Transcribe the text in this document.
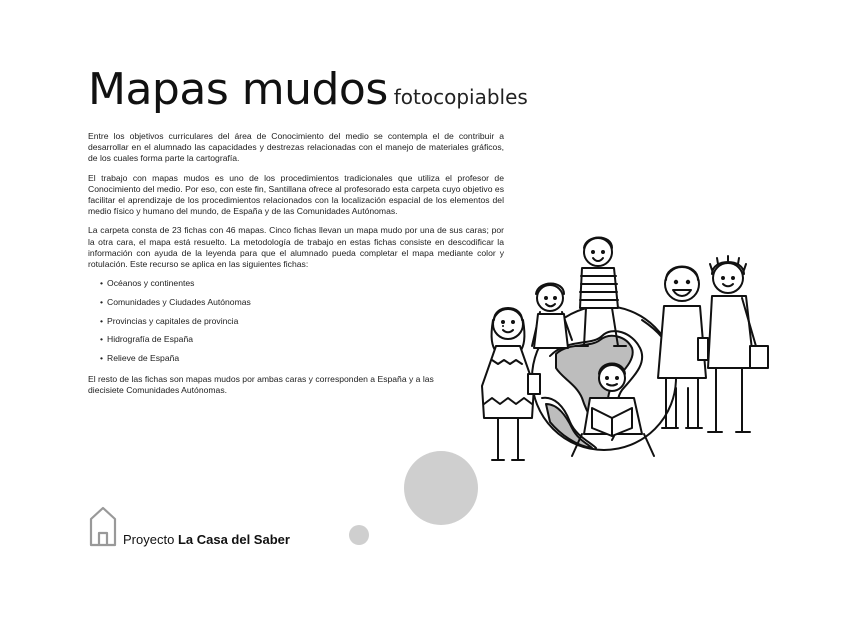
Mapas mudos fotocopiables

Entre los objetivos curriculares del área de Conocimiento del medio se contempla el de contribuir a desarrollar en el alumnado las capacidades y destrezas relacionadas con el manejo de materiales gráficos, de los cuales forma parte la cartografía.

El trabajo con mapas mudos es uno de los procedimientos tradicionales que utiliza el profesor de Conocimiento del medio. Por eso, con este fin, Santillana ofrece al profesorado esta carpeta cuyo objetivo es facilitar el aprendizaje de los procedimientos relacionados con la localización espacial de los elementos del medio físico y humano del mundo, de España y de las Comunidades Autónomas.

La carpeta consta de 23 fichas con 46 mapas. Cinco fichas llevan un mapa mudo por una de sus caras; por la otra cara, el mapa está resuelto. La metodología de trabajo en estas fichas consiste en descodificar la información con ayuda de la leyenda para que el alumnado pueda completar el mapa mediante color y rotulación. Este recurso se aplica en las siguientes fichas:

• Océanos y continentes
• Comunidades y Ciudades Autónomas
• Provincias y capitales de provincia
• Hidrografía de España
• Relieve de España

El resto de las fichas son mapas mudos por ambas caras y corresponden a España y a las diecisiete Comunidades Autónomas.

Proyecto La Casa del Saber
